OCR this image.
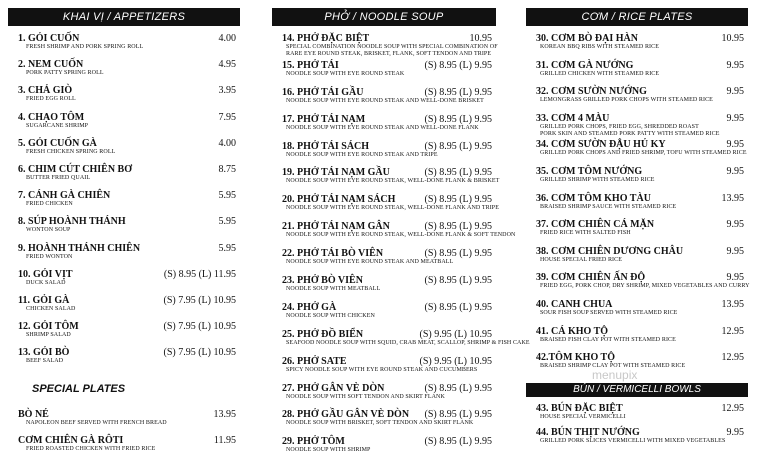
KHAI VỊ / APPETIZERS
1. GỎI CUỐN	4.00
FRESH SHRIMP AND PORK SPRING ROLL
2. NEM CUỐN	4.95
PORK PATTY SPRING ROLL
3. CHẢ GIÒ	3.95
FRIED EGG ROLL
4. CHẠO TÔM	7.95
SUGARCANE SHRIMP
5. GỎI CUỐN GÀ	4.00
FRESH CHICKEN SPRING ROLL
6. CHIM CÚT CHIÊN BƠ	8.75
BUTTER FRIED QUAIL
7. CÁNH GÀ CHIÊN	5.95
FRIED CHICKEN
8. SÚP HOÀNH THÁNH	5.95
WONTON SOUP
9. HOÀNH THÁNH CHIÊN	5.95
FRIED WONTON
10. GỎI VỊT	(S) 8.95 (L) 11.95
DUCK SALAD
11. GỎI GÀ	(S) 7.95 (L) 10.95
CHICKEN SALAD
12. GỎI TÔM	(S) 7.95 (L) 10.95
SHRIMP SALAD
13. GỎI BÒ	(S) 7.95 (L) 10.95
BEEF SALAD
SPECIAL PLATES
BÒ NÉ	13.95
NAPOLEON BEEF SERVED WITH FRENCH BREAD
CƠM CHIÊN GÀ RÔTI	11.95
FRIED ROASTED CHICKEN WITH FRIED RICE
PHỞ / NOODLE SOUP
14. PHỞ ĐẶC BIỆT	10.95
SPECIAL COMBINATION NOODLE SOUP WITH SPECIAL COMBINATION OF
RARE EYE ROUND STEAK, BRISKET, FLANK, SOFT TENDON AND TRIPE
15. PHỞ TÁI	(S) 8.95 (L) 9.95
NOODLE SOUP WITH EYE ROUND STEAK
16. PHỞ TÁI GẦU	(S) 8.95 (L) 9.95
NOODLE SOUP WITH EYE ROUND STEAK AND WELL-DONE BRISKET
17. PHỞ TÁI NẠM	(S) 8.95 (L) 9.95
NOODLE SOUP WITH EYE ROUND STEAK AND WELL-DONE FLANK
18. PHỞ TÁI SÁCH	(S) 8.95 (L) 9.95
NOODLE SOUP WITH EYE ROUND STEAK AND TRIPE
19. PHỞ TÁI NẠM GẦU	(S) 8.95 (L) 9.95
NOODLE SOUP WITH EYE ROUND STEAK, WELL-DONE FLANK & BRISKET
20. PHỞ TÁI NẠM SÁCH	(S) 8.95 (L) 9.95
NOODLE SOUP WITH EYE ROUND STEAK, WELL-DONE FLANK AND TRIPE
21. PHỞ TÁI NẠM GÂN	(S) 8.95 (L) 9.95
NOODLE SOUP WITH EYE ROUND STEAK, WELL-DONE FLANK & SOFT TENDON
22. PHỞ TÁI BÒ VIÊN	(S) 8.95 (L) 9.95
NOODLE SOUP WITH EYE ROUND STEAK AND MEATBALL
23. PHỞ BÒ VIÊN	(S) 8.95 (L) 9.95
NOODLE SOUP WITH MEATBALL
24. PHỞ GÀ	(S) 8.95 (L) 9.95
NOODLE SOUP WITH CHICKEN
25. PHỞ ĐỒ BIỂN	(S) 9.95 (L) 10.95
SEAFOOD NOODLE SOUP WITH SQUID, CRAB MEAT, SCALLOP, SHRIMP & FISH CAKE
26. PHỞ SATE	(S) 9.95 (L) 10.95
SPICY NOODLE SOUP WITH EYE ROUND STEAK AND CUCUMBERS
27. PHỞ GÂN VÈ DÒN	(S) 8.95 (L) 9.95
NOODLE SOUP WITH SOFT TENDON AND SKIRT FLANK
28. PHỞ GẦU GÂN VÈ DÒN (S) 8.95 (L) 9.95
NOODLE SOUP WITH BRISKET, SOFT TENDON AND SKIRT FLANK
29. PHỞ TÔM	(S) 8.95 (L) 9.95
NOODLE SOUP WITH SHRIMP
CƠM / RICE PLATES
30. CƠM BÒ ĐẠI HÀN	10.95
KOREAN BBQ RIBS WITH STEAMED RICE
31. CƠM GÀ NƯỚNG	9.95
GRILLED CHICKEN WITH STEAMED RICE
32. CƠM SƯỜN NƯỚNG	9.95
LEMONGRASS GRILLED PORK CHOPS WITH STEAMED RICE
33. CƠM 4 MÀU	9.95
GRILLED PORK CHOPS, FRIED EGG, SHREDDED ROAST
PORK SKIN AND STEAMED PORK PATTY WITH STEAMED RICE
34. CƠM SƯỜN ĐẬU HỦ KY	9.95
GRILLED PORK CHOPS AND FRIED SHRIMP, TOFU WITH STEAMED RICE
35. CƠM TÔM NƯỚNG	9.95
GRILLED SHRIMP WITH STEAMED RICE
36. CƠM TÔM KHO TÀU	13.95
BRAISED SHRIMP SAUCE WITH STEAMED RICE
37. CƠM CHIÊN CÁ MẶN	9.95
FRIED RICE WITH SALTED FISH
38. CƠM CHIÊN DƯƠNG CHÂU	9.95
HOUSE SPECIAL FRIED RICE
39. CƠM CHIÊN ẤN ĐỘ	9.95
FRIED EGG, PORK CHOP, DRY SHRIMP, MIXED VEGETABLES AND CURRY
40. CANH CHUA	13.95
SOUR FISH SOUP SERVED WITH STEAMED RICE
41. CÁ KHO TỘ	12.95
BRAISED FISH CLAY POT WITH STEAMED RICE
42.TÔM KHO TỘ	12.95
BRAISED SHRIMP CLAY POT WITH STEAMED RICE
BÚN / VERMICELLI BOWLS
43. BÚN ĐẶC BIỆT	12.95
HOUSE SPECIAL VERMICELLI
44. BÚN THỊT NƯỚNG	9.95
GRILLED PORK SLICES VERMICELLI WITH MIXED VEGETABLES
menupix
